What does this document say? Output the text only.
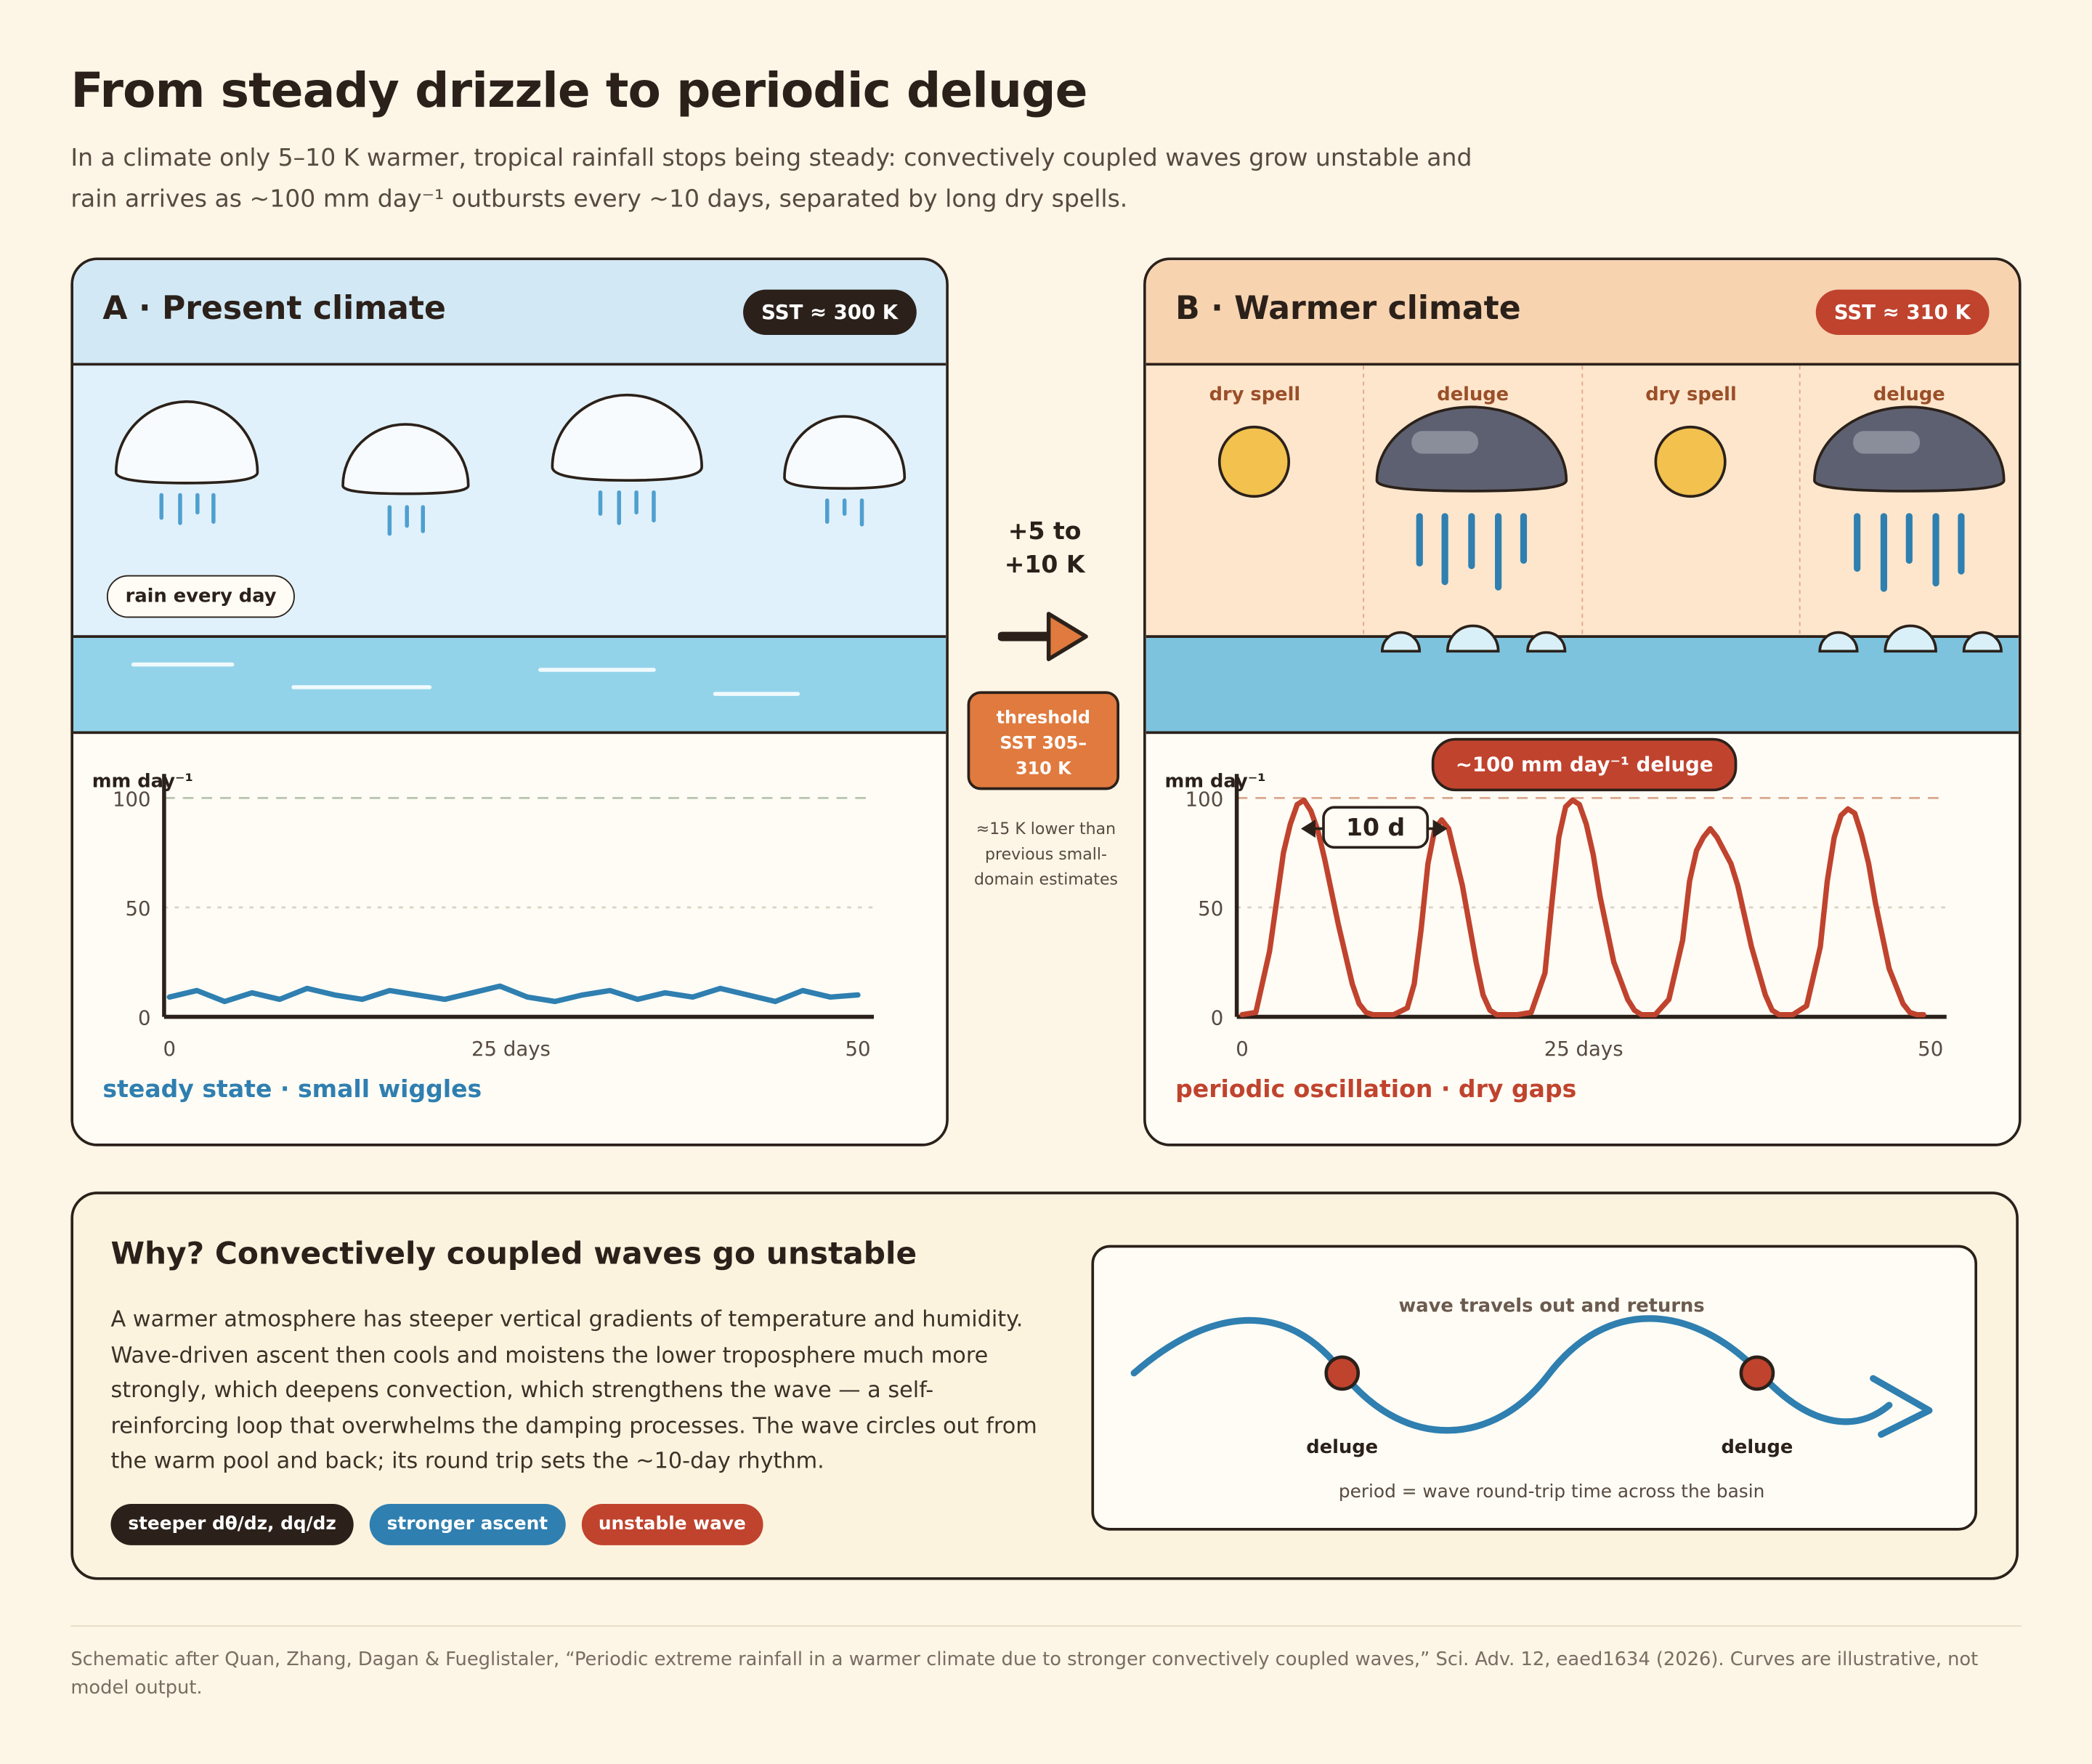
From steady drizzle to periodic deluge
In a climate only 5–10 K warmer, tropical rainfall stops being steady: convectively coupled waves grow unstable and rain arrives as ~100 mm day⁻¹ outbursts every ~10 days, separated by long dry spells.
A · Present climate	SST ≈ 300 K
rain every day
100
50
0
0	25 days	50
mm day⁻¹
steady state · small wiggles
+5 to
+10 K
threshold
SST 305–
310 K
≈15 K lower than previous small-domain estimates
B · Warmer climate	SST ≈ 310 K
dry spell	deluge	dry spell	deluge
100
50
0
0	25 days	50
10 d
mm day⁻¹
~100 mm day⁻¹ deluge
periodic oscillation · dry gaps
Why? Convectively coupled waves go unstable
A warmer atmosphere has steeper vertical gradients of temperature and humidity. Wave-driven ascent then cools and moistens the lower troposphere much more strongly, which deepens convection, which strengthens the wave — a self-reinforcing loop that overwhelms the damping processes. The wave circles out from the warm pool and back; its round trip sets the ~10-day rhythm.
steeper dθ/dz, dq/dz	stronger ascent	unstable wave
wave travels out and returns
deluge	deluge
period = wave round-trip time across the basin
Schematic after Quan, Zhang, Dagan & Fueglistaler, “Periodic extreme rainfall in a warmer climate due to stronger convectively coupled waves,” Sci. Adv. 12, eaed1634 (2026). Curves are illustrative, not model output.
